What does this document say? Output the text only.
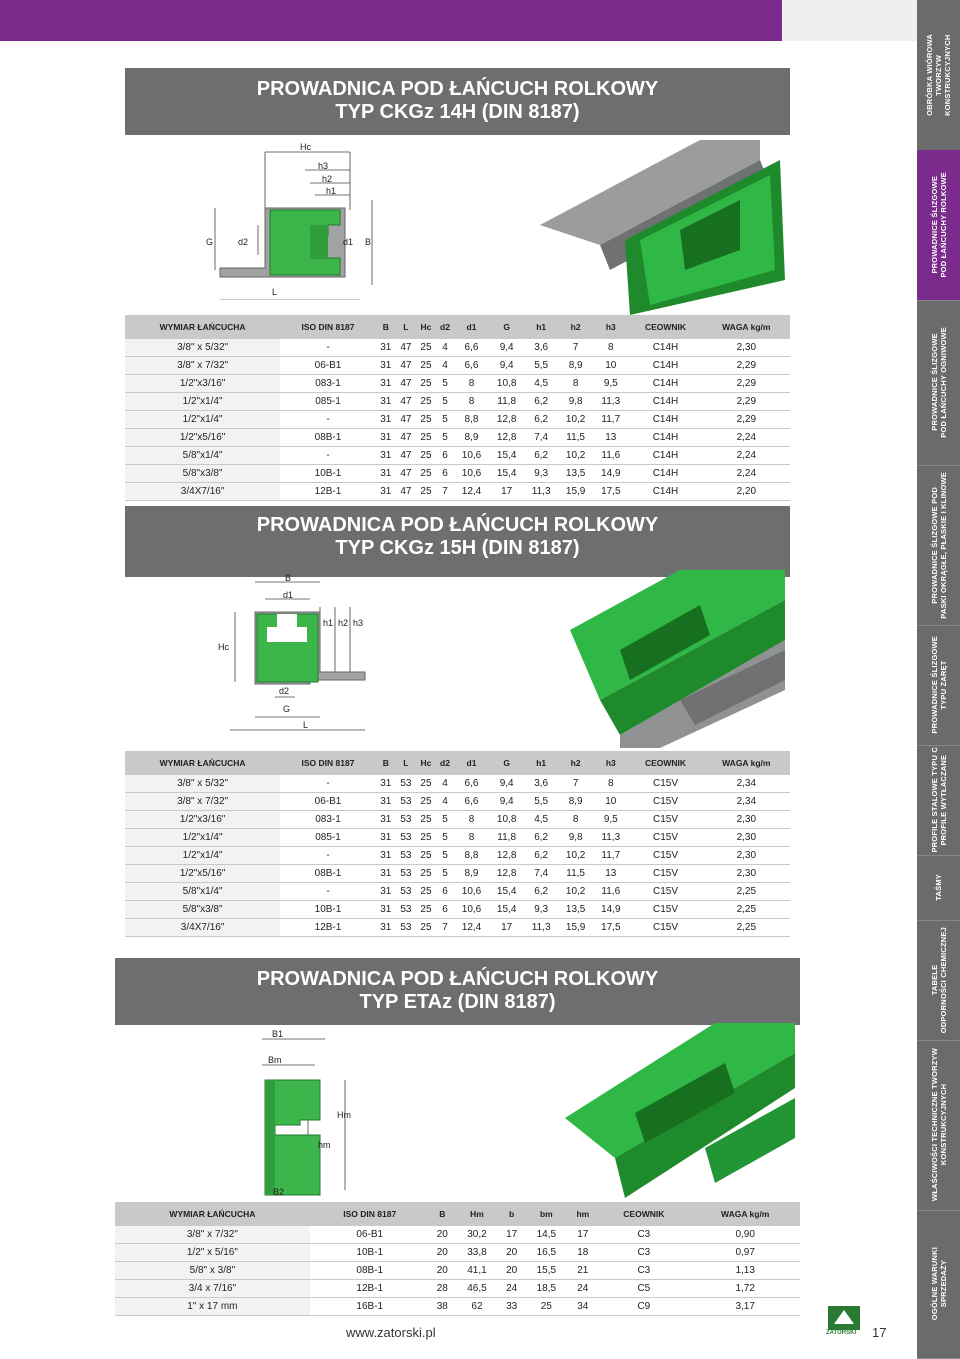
OBRÓBKA WIÓROWA
TWORZYW
KONSTRUKCYJNYCH
PROWADNICE ŚLIZGOWE
POD ŁAŃCUCHY ROLKOWE
PROWADNICE ŚLIZGOWE
POD ŁAŃCUCHY OGNIWOWE
PROWADNICE ŚLIZGOWE POD
PASKI OKRĄGŁE, PŁASKIE I KLINOWE
PROWADNICE ŚLIZGOWE
TYPU ZARĘT
PROFILE STALOWE TYPU C
PROFILE WYTŁACZANE
TAŚMY
TABELE
ODPORNOŚCI CHEMICZNEJ
WŁAŚCIWOŚCI TECHNICZNE TWORZYW
KONSTRUKCYJNYCH
OGÓLNE WARUNKI
SPRZEDAŻY
PROWADNICA POD ŁAŃCUCH ROLKOWY
TYP CKGz 14H (DIN 8187)
Hc
h3
h2
h1
G	d2	d1 B
L
WYMIAR ŁAŃCUCHA	ISO DIN 8187	B	L	Hc	d2	d1	G	h1	h2	h3	CEOWNIK	WAGA kg/m
3/8" x 5/32"	-	31	47	25	4	6,6	9,4	3,6	7	8	C14H	2,30
3/8" x 7/32"	06-B1	31	47	25	4	6,6	9,4	5,5	8,9	10	C14H	2,29
1/2"x3/16"	083-1	31	47	25	5	8	10,8	4,5	8	9,5	C14H	2,29
1/2"x1/4"	085-1	31	47	25	5	8	11,8	6,2	9,8	11,3	C14H	2,29
1/2"x1/4"	-	31	47	25	5	8,8	12,8	6,2	10,2	11,7	C14H	2,29
1/2"x5/16"	08B-1	31	47	25	5	8,9	12,8	7,4	11,5	13	C14H	2,24
5/8"x1/4"	-	31	47	25	6	10,6	15,4	6,2	10,2	11,6	C14H	2,24
5/8"x3/8"	10B-1	31	47	25	6	10,6	15,4	9,3	13,5	14,9	C14H	2,24
3/4X7/16"	12B-1	31	47	25	7	12,4	17	11,3	15,9	17,5	C14H	2,20
PROWADNICA POD ŁAŃCUCH ROLKOWY
TYP CKGz 15H (DIN 8187)
B
d1
h1 h2 h3
Hc
d2
G
L
WYMIAR ŁAŃCUCHA	ISO DIN 8187	B	L	Hc	d2	d1	G	h1	h2	h3	CEOWNIK	WAGA kg/m
3/8" x 5/32"	-	31	53	25	4	6,6	9,4	3,6	7	8	C15V	2,34
3/8" x 7/32"	06-B1	31	53	25	4	6,6	9,4	5,5	8,9	10	C15V	2,34
1/2"x3/16"	083-1	31	53	25	5	8	10,8	4,5	8	9,5	C15V	2,30
1/2"x1/4"	085-1	31	53	25	5	8	11,8	6,2	9,8	11,3	C15V	2,30
1/2"x1/4"	-	31	53	25	5	8,8	12,8	6,2	10,2	11,7	C15V	2,30
1/2"x5/16"	08B-1	31	53	25	5	8,9	12,8	7,4	11,5	13	C15V	2,30
5/8"x1/4"	-	31	53	25	6	10,6	15,4	6,2	10,2	11,6	C15V	2,25
5/8"x3/8"	10B-1	31	53	25	6	10,6	15,4	9,3	13,5	14,9	C15V	2,25
3/4X7/16"	12B-1	31	53	25	7	12,4	17	11,3	15,9	17,5	C15V	2,25
PROWADNICA POD ŁAŃCUCH ROLKOWY
TYP ETAz (DIN 8187)
B1
Bm
Hm
hm
B2
WYMIAR ŁAŃCUCHA	ISO DIN 8187	B	Hm	b	bm	hm	CEOWNIK	WAGA kg/m
3/8" x 7/32"	06-B1	20	30,2	17	14,5	17	C3	0,90
1/2" x 5/16"	10B-1	20	33,8	20	16,5	18	C3	0,97
5/8" x 3/8"	08B-1	20	41,1	20	15,5	21	C3	1,13
3/4 x 7/16"	12B-1	28	46,5	24	18,5	24	C5	1,72
1" x 17 mm	16B-1	38	62	33	25	34	C9	3,17
www.zatorski.pl	ZATORSKI 17
